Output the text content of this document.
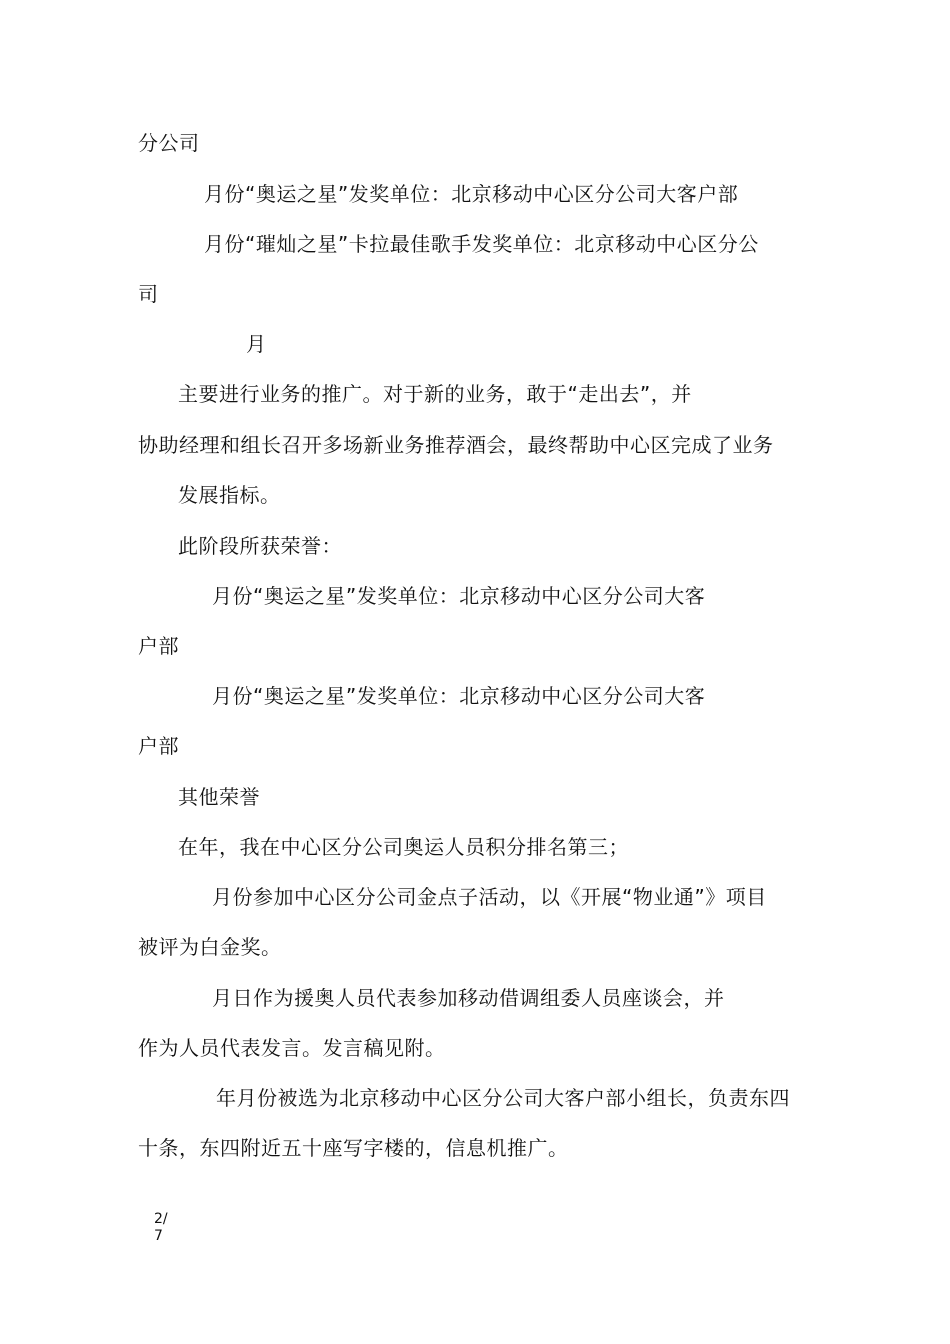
分公司
月份“奥运之星”发奖单位：北京移动中心区分公司大客户部
月份“璀灿之星”卡拉最佳歌手发奖单位：北京移动中心区分公
司
月
主要进行业务的推广。对于新的业务，敢于“走出去”，并
协助经理和组长召开多场新业务推荐酒会，最终帮助中心区完成了业务
发展指标。
此阶段所获荣誉：
月份“奥运之星”发奖单位：北京移动中心区分公司大客
户部
月份“奥运之星”发奖单位：北京移动中心区分公司大客
户部
其他荣誉
在年，我在中心区分公司奥运人员积分排名第三；
月份参加中心区分公司金点子活动，以《开展“物业通”》项目
被评为白金奖。
月日作为援奥人员代表参加移动借调组委人员座谈会，并
作为人员代表发言。发言稿见附。
年月份被选为北京移动中心区分公司大客户部小组长，负责东四
十条，东四附近五十座写字楼的，信息机推广。
2/
7
